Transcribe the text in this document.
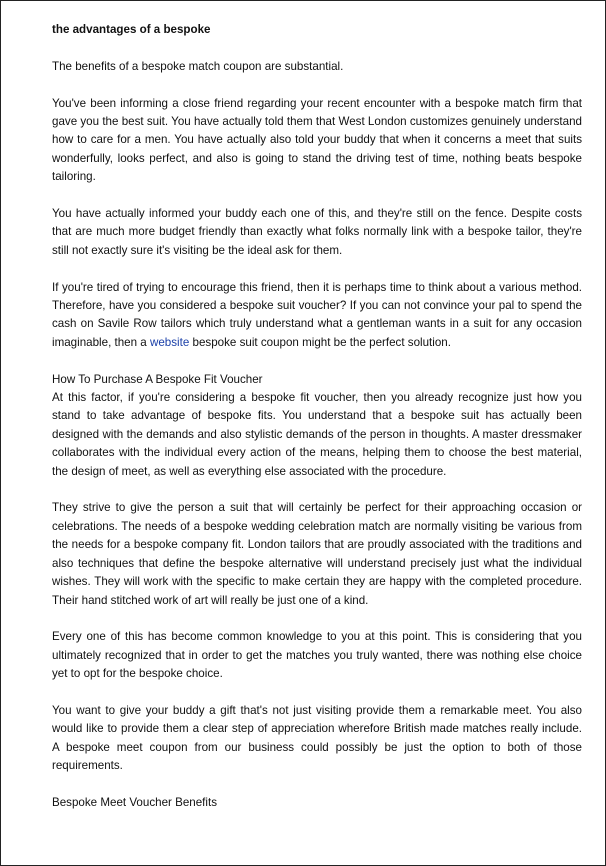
the advantages of a bespoke

The benefits of a bespoke match coupon are substantial.

You've been informing a close friend regarding your recent encounter with a bespoke match firm that gave you the best suit. You have actually told them that West London customizes genuinely understand how to care for a men. You have actually also told your buddy that when it concerns a meet that suits wonderfully, looks perfect, and also is going to stand the driving test of time, nothing beats bespoke tailoring.

You have actually informed your buddy each one of this, and they're still on the fence. Despite costs that are much more budget friendly than exactly what folks normally link with a bespoke tailor, they're still not exactly sure it's visiting be the ideal ask for them.

If you're tired of trying to encourage this friend, then it is perhaps time to think about a various method. Therefore, have you considered a bespoke suit voucher? If you can not convince your pal to spend the cash on Savile Row tailors which truly understand what a gentleman wants in a suit for any occasion imaginable, then a website bespoke suit coupon might be the perfect solution.

How To Purchase A Bespoke Fit Voucher

At this factor, if you're considering a bespoke fit voucher, then you already recognize just how you stand to take advantage of bespoke fits. You understand that a bespoke suit has actually been designed with the demands and also stylistic demands of the person in thoughts. A master dressmaker collaborates with the individual every action of the means, helping them to choose the best material, the design of meet, as well as everything else associated with the procedure.

They strive to give the person a suit that will certainly be perfect for their approaching occasion or celebrations. The needs of a bespoke wedding celebration match are normally visiting be various from the needs for a bespoke company fit. London tailors that are proudly associated with the traditions and also techniques that define the bespoke alternative will understand precisely just what the individual wishes. They will work with the specific to make certain they are happy with the completed procedure. Their hand stitched work of art will really be just one of a kind.

Every one of this has become common knowledge to you at this point. This is considering that you ultimately recognized that in order to get the matches you truly wanted, there was nothing else choice yet to opt for the bespoke choice.

You want to give your buddy a gift that's not just visiting provide them a remarkable meet. You also would like to provide them a clear step of appreciation wherefore British made matches really include. A bespoke meet coupon from our business could possibly be just the option to both of those requirements.

Bespoke Meet Voucher Benefits
